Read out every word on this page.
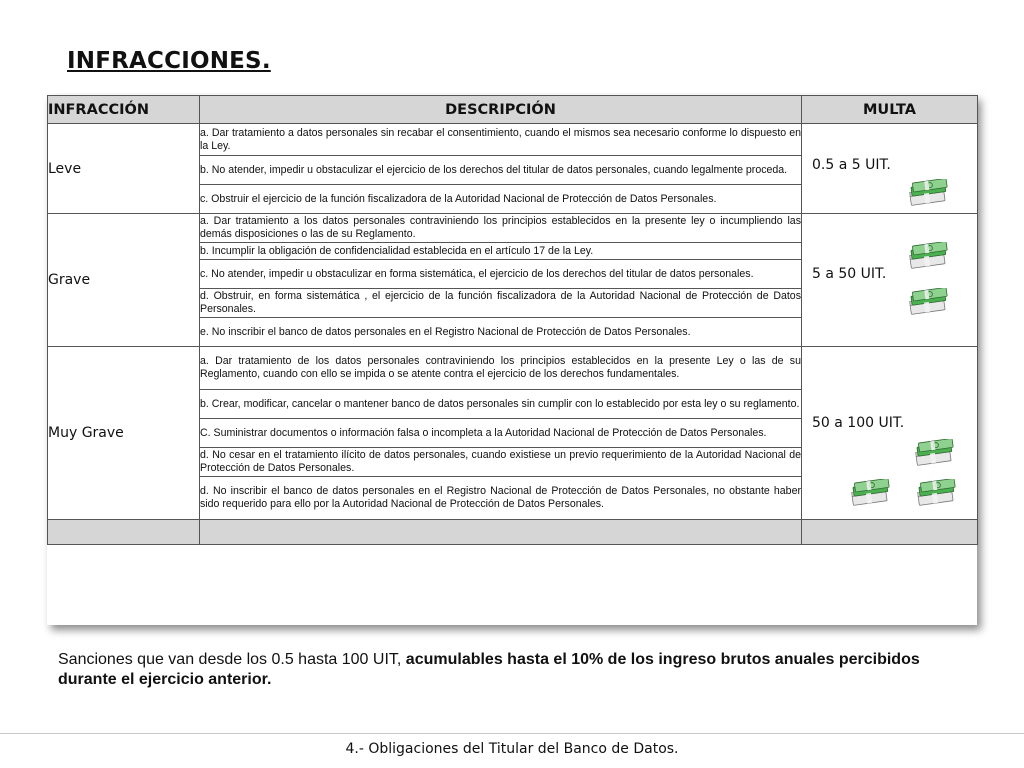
INFRACCIONES.
INFRACCIÓN	DESCRIPCIÓN	MULTA
Leve	a. Dar tratamiento a datos personales sin recabar el consentimiento, cuando el mismos sea necesario conforme lo dispuesto en la Ley.	0.5 a 5 UIT.

	b. No atender, impedir u obstaculizar el ejercicio de los derechos del titular de datos personales, cuando legalmente proceda.	
	c. Obstruir el ejercicio de la función fiscalizadora de la Autoridad Nacional de Protección de Datos Personales.	
Grave	a. Dar tratamiento a los datos personales contraviniendo los principios establecidos en la presente ley o incumpliendo las demás disposiciones o las de su Reglamento.	5 a 50 UIT.

	b. Incumplir la obligación de confidencialidad establecida en el artículo 17 de la Ley.	
	c. No atender, impedir u obstaculizar en forma sistemática, el ejercicio de los derechos del titular de datos personales.	
	d. Obstruir, en forma sistemática , el ejercicio de la función fiscalizadora de la Autoridad Nacional de Protección de Datos Personales.	
	e. No inscribir el banco de datos personales en el Registro Nacional de Protección de Datos Personales.	
Muy Grave	a. Dar tratamiento de los datos personales contraviniendo los principios establecidos en la presente Ley o las de su Reglamento, cuando con ello se impida o se atente contra el ejercicio de los derechos fundamentales.	50 a 100 UIT.

	b. Crear, modificar, cancelar o mantener banco de datos personales sin cumplir con lo establecido por esta ley o su reglamento.	
	C. Suministrar documentos o información falsa o incompleta a la Autoridad Nacional de Protección de Datos Personales.	
	d. No cesar en el tratamiento ilícito de datos personales, cuando existiese un previo requerimiento de la Autoridad Nacional de Protección de Datos Personales.	
	d. No inscribir el banco de datos personales en el Registro Nacional de Protección de Datos Personales, no obstante haber sido requerido para ello por la Autoridad Nacional de Protección de Datos Personales.	

Sanciones que van desde los 0.5 hasta 100 UIT, acumulables hasta el 10% de los ingreso brutos anuales percibidos durante el ejercicio anterior.
4.- Obligaciones del Titular del Banco de Datos.
